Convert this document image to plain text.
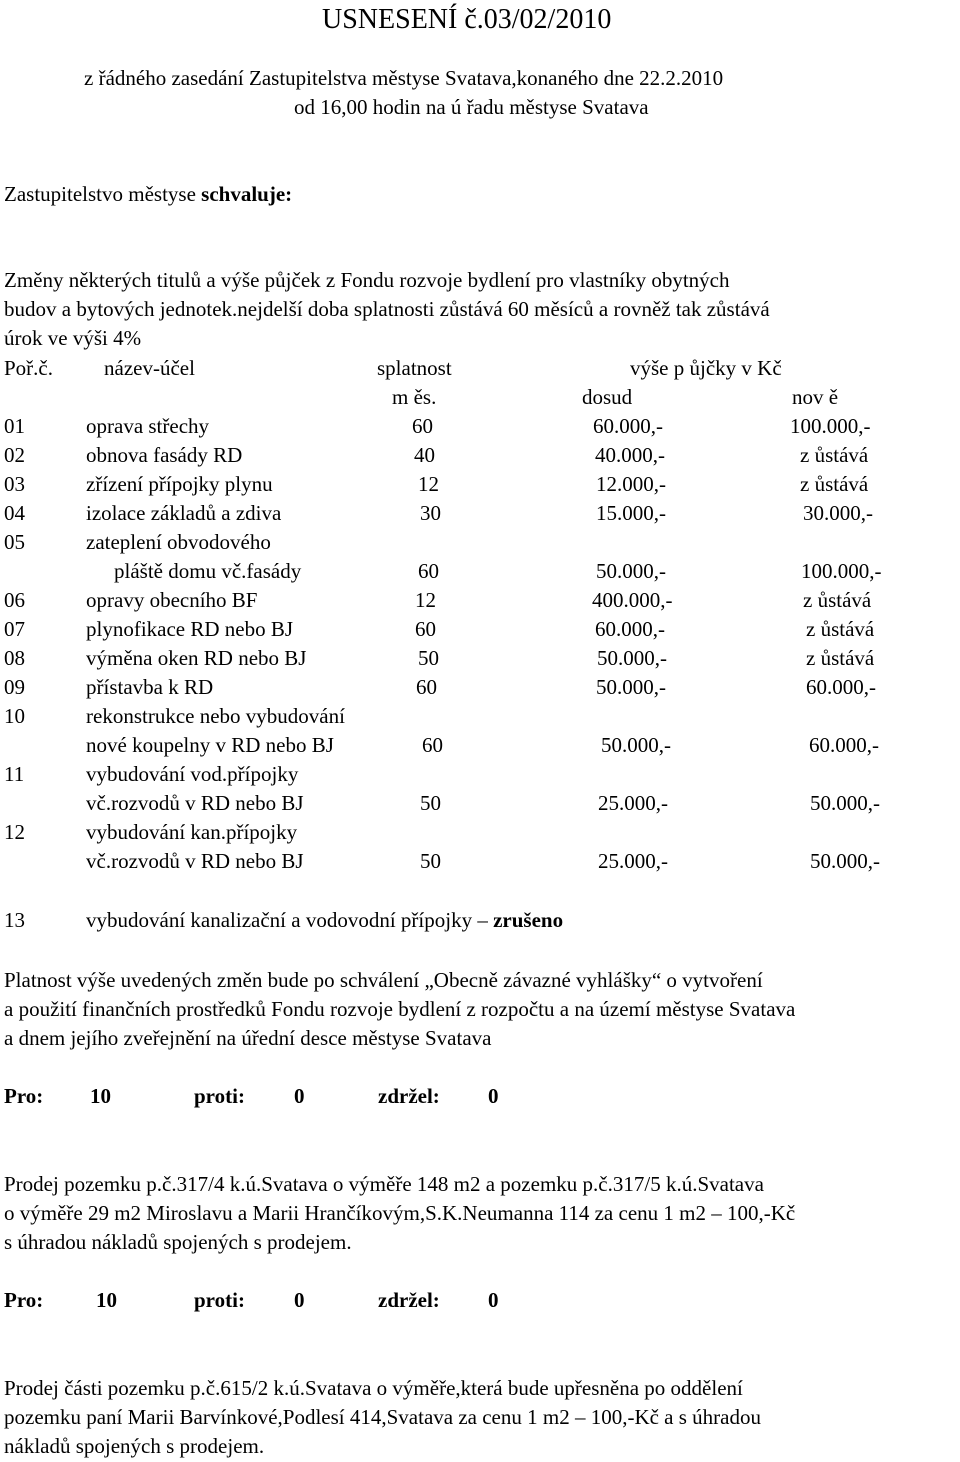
USNESENÍ č.03/02/2010
z řádného zasedání Zastupitelstva městyse Svatava,konaného dne 22.2.2010
od 16,00 hodin na ú řadu městyse Svatava
Zastupitelstvo městyse schvaluje:
Změny některých titulů a výše půjček z Fondu rozvoje bydlení pro vlastníky obytných
budov a bytových jednotek.nejdelší doba splatnosti zůstává 60 měsíců a rovněž tak zůstává
úrok ve výši 4%
Poř.č. název-účel	splatnost	výše p ůjčky v Kč
m ěs.	dosud	nov ě
01	oprava střechy	60	60.000,-	100.000,-
02	obnova fasády RD	40	40.000,-	z ůstává
03	zřízení přípojky plynu	12	12.000,-	z ůstává
04	izolace základů a zdiva	30	15.000,-	30.000,-
05	zateplení obvodového
pláště domu vč.fasády	60	50.000,-	100.000,-
06	opravy obecního BF	12	400.000,-	z ůstává
07	plynofikace RD nebo BJ	60	60.000,-	z ůstává
08	výměna oken RD nebo BJ	50	50.000,-	z ůstává
09	přístavba k RD	60	50.000,-	60.000,-
10	rekonstrukce nebo vybudování
nové koupelny v RD nebo BJ	60	50.000,-	60.000,-
11	vybudování vod.přípojky
vč.rozvodů v RD nebo BJ	50	25.000,-	50.000,-
12	vybudování kan.přípojky
vč.rozvodů v RD nebo BJ	50	25.000,-	50.000,-
13	vybudování kanalizační a vodovodní přípojky – zrušeno
Platnost výše uvedených změn bude po schválení „Obecně závazné vyhlášky“ o vytvoření
a použití finančních prostředků Fondu rozvoje bydlení z rozpočtu a na území městyse Svatava
a dnem jejího zveřejnění na úřední desce městyse Svatava
Pro: 10	proti: 0	zdržel: 0
Prodej pozemku p.č.317/4 k.ú.Svatava o výměře 148 m2 a pozemku p.č.317/5 k.ú.Svatava
o výměře 29 m2 Miroslavu a Marii Hrančíkovým,S.K.Neumanna 114 za cenu 1 m2 – 100,-Kč
s úhradou nákladů spojených s prodejem.
Pro:	10	proti: 0	zdržel: 0
Prodej části pozemku p.č.615/2 k.ú.Svatava o výměře,která bude upřesněna po oddělení
pozemku paní Marii Barvínkové,Podlesí 414,Svatava za cenu 1 m2 – 100,-Kč a s úhradou
nákladů spojených s prodejem.
